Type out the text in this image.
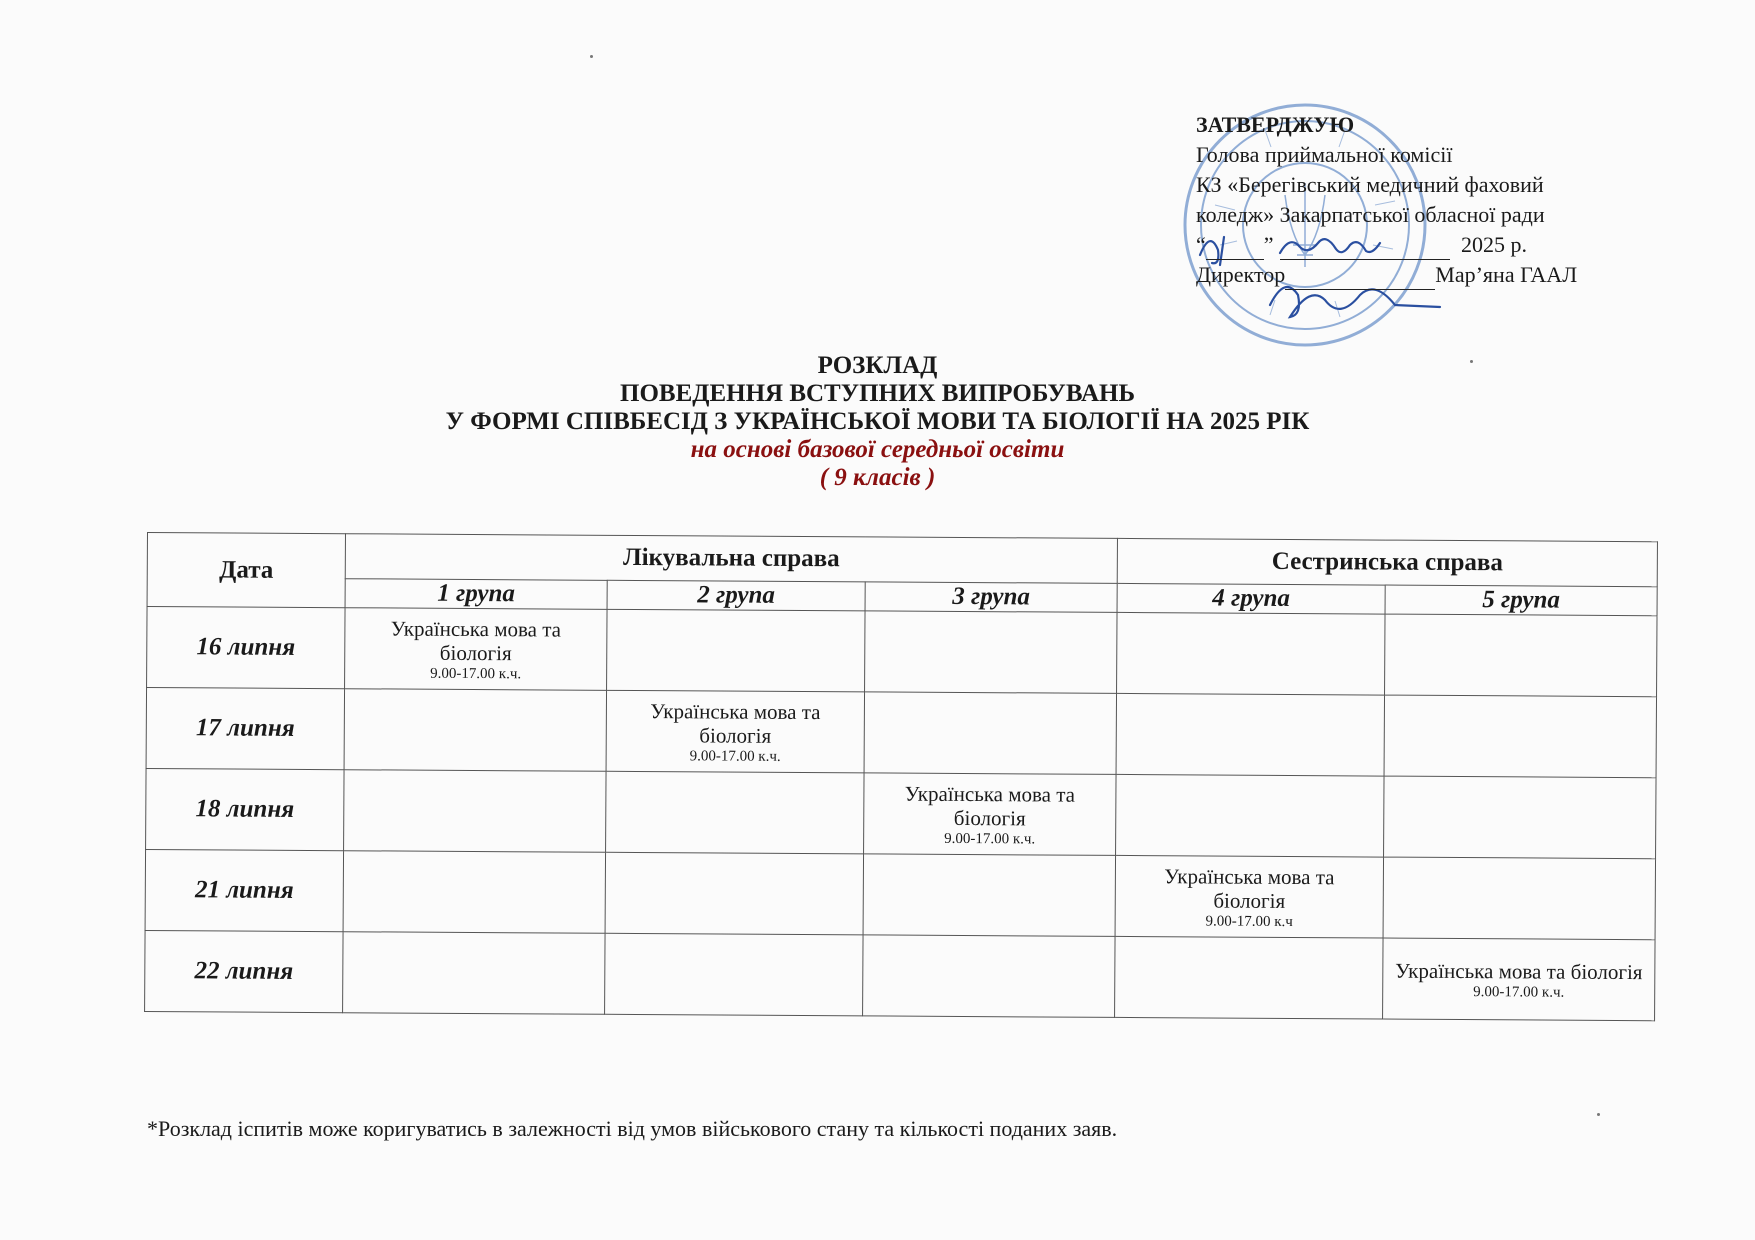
ЗАТВЕРДЖУЮ
Голова приймальної комісії
КЗ «Берегівський медичний фаховий
коледж» Закарпатської обласної ради
“	”	2025 р.
Директор	Мар’яна ГААЛ
РОЗКЛАД
ПОВЕДЕННЯ ВСТУПНИХ ВИПРОБУВАНЬ
У ФОРМІ СПІВБЕСІД З УКРАЇНСЬКОЇ МОВИ ТА БІОЛОГІЇ НА 2025 РІК
на основі базової середньої освіти
( 9 класів )
Дата	Лікувальна справа			Сестринська справа	
	1 група	2 група	3 група	4 група	5 група
16 липня	Українська мова та біологія
9.00-17.00 к.ч.				

17 липня		Українська мова та біологія
9.00-17.00 к.ч.			

18 липня			Українська мова та біологія
9.00-17.00 к.ч.		

21 липня				Українська мова та біологія
9.00-17.00 к.ч	

22 липня					Українська мова та біологія
9.00-17.00 к.ч.
*Розклад іспитів може коригуватись в залежності від умов військового стану та кількості поданих заяв.
